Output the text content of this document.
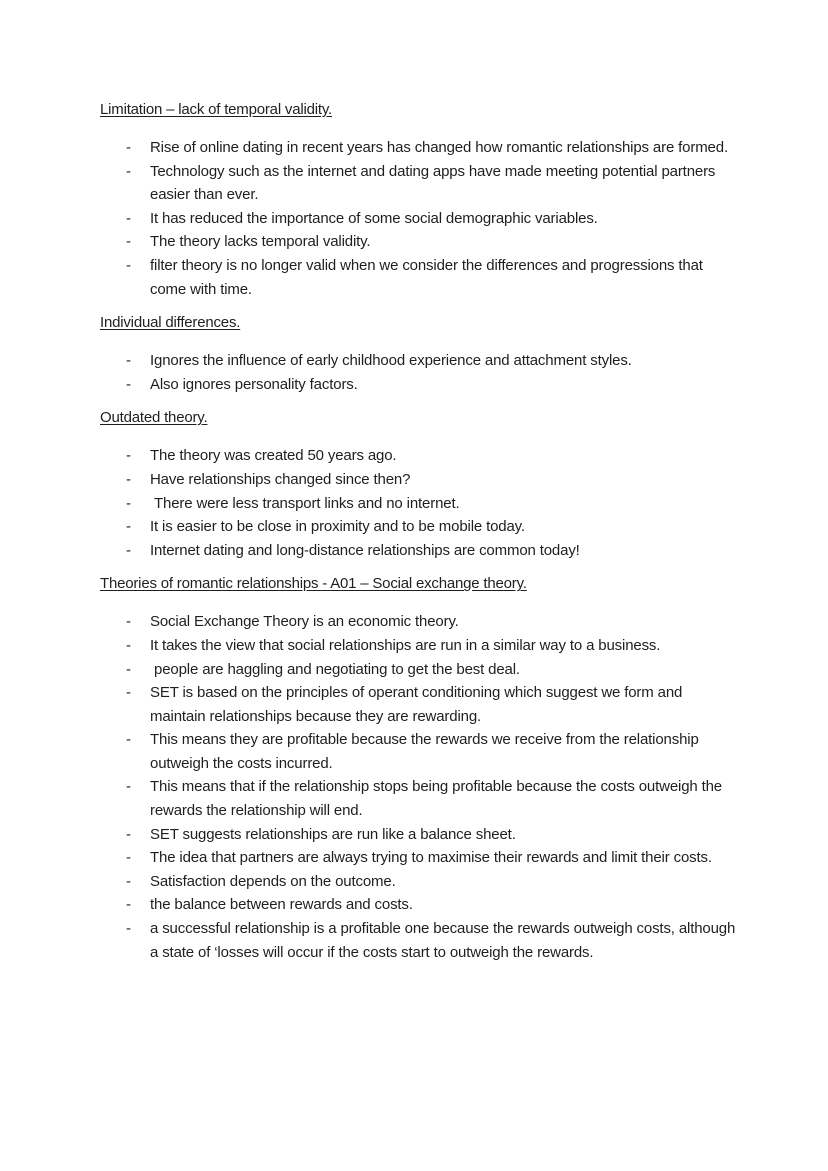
Limitation – lack of temporal validity.

- Rise of online dating in recent years has changed how romantic relationships are formed.
- Technology such as the internet and dating apps have made meeting potential partners easier than ever.
- It has reduced the importance of some social demographic variables.
- The theory lacks temporal validity.
- filter theory is no longer valid when we consider the differences and progressions that come with time.

Individual differences.

- Ignores the influence of early childhood experience and attachment styles.
- Also ignores personality factors.

Outdated theory.

- The theory was created 50 years ago.
- Have relationships changed since then?
- There were less transport links and no internet.
- It is easier to be close in proximity and to be mobile today.
- Internet dating and long-distance relationships are common today!

Theories of romantic relationships - A01 – Social exchange theory.

- Social Exchange Theory is an economic theory.
- It takes the view that social relationships are run in a similar way to a business.
- people are haggling and negotiating to get the best deal.
- SET is based on the principles of operant conditioning which suggest we form and maintain relationships because they are rewarding.
- This means they are profitable because the rewards we receive from the relationship outweigh the costs incurred.
- This means that if the relationship stops being profitable because the costs outweigh the rewards the relationship will end.
- SET suggests relationships are run like a balance sheet.
- The idea that partners are always trying to maximise their rewards and limit their costs.
- Satisfaction depends on the outcome.
- the balance between rewards and costs.
- a successful relationship is a profitable one because the rewards outweigh costs, although a state of ‘losses will occur if the costs start to outweigh the rewards.
